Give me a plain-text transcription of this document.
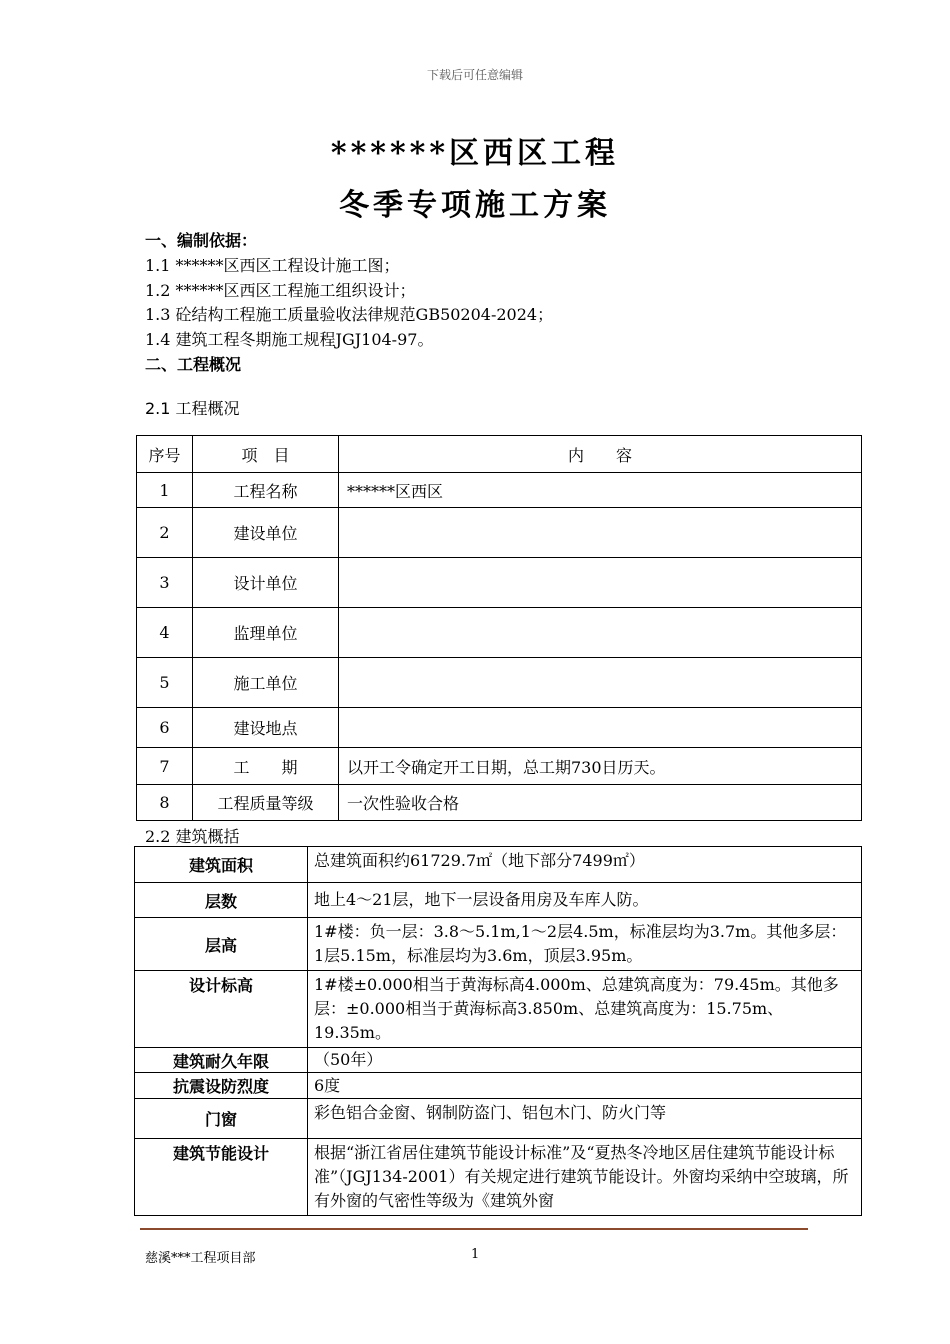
下载后可任意编辑
******区西区工程
冬季专项施工方案
一、编制依据：
1.1 ******区西区工程设计施工图；
1.2 ******区西区工程施工组织设计；
1.3 砼结构工程施工质量验收法律规范GB50204-2024；
1.4 建筑工程冬期施工规程JGJ104-97。
二、工程概况
2.1 工程概况
序号	项　目	内　　容
1	工程名称	******区西区
2	建设单位	
3	设计单位	
4	监理单位	
5	施工单位	
6	建设地点	
7	工　　期	以开工令确定开工日期，总工期730日历天。
8	工程质量等级	一次性验收合格
2.2 建筑概括
建筑面积	总建筑面积约61729.7㎡（地下部分7499㎡）
层数	地上4～21层，地下一层设备用房及车库人防。
层高	1#楼：负一层：3.8～5.1m,1～2层4.5m，标准层均为3.7m。其他多层：1层5.15m，标准层均为3.6m，顶层3.95m。
设计标高	1#楼±0.000相当于黄海标高4.000m、总建筑高度为：79.45m。其他多层：±0.000相当于黄海标高3.850m、总建筑高度为：15.75m、19.35m。
建筑耐久年限	（50年）
抗震设防烈度	6度
门窗	彩色铝合金窗、钢制防盗门、铝包木门、防火门等
建筑节能设计	根据“浙江省居住建筑节能设计标准”及“夏热冬冷地区居住建筑节能设计标准”（JGJ134-2001）有关规定进行建筑节能设计。外窗均采纳中空玻璃，所有外窗的气密性等级为《建筑外窗
慈溪***工程项目部	1
